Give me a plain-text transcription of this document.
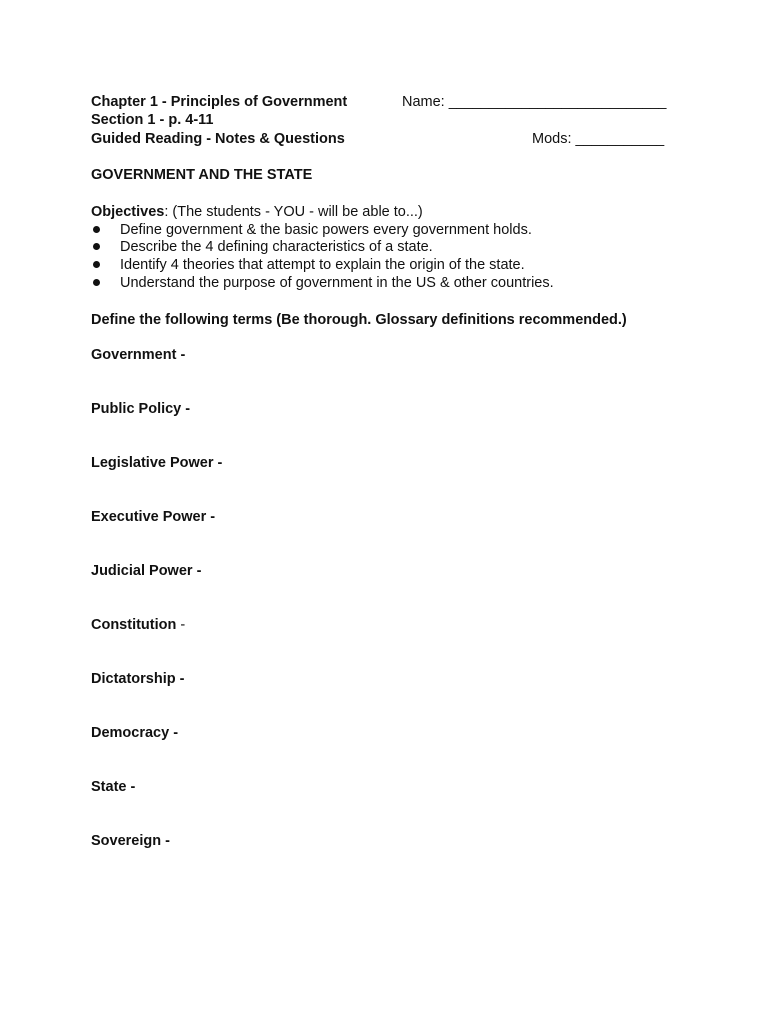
Chapter 1 - Principles of Government
Section 1 - p. 4-11
Guided Reading - Notes & Questions
Name: ___________________________
Mods: ___________
GOVERNMENT AND THE STATE
Objectives: (The students - YOU - will be able to...)
Define government & the basic powers every government holds.
Describe the 4 defining characteristics of a state.
Identify 4 theories that attempt to explain the origin of the state.
Understand the purpose of government in the US & other countries.
Define the following terms (Be thorough. Glossary definitions recommended.)
Government -
Public Policy -
Legislative Power -
Executive Power -
Judicial Power -
Constitution -
Dictatorship -
Democracy -
State -
Sovereign -
